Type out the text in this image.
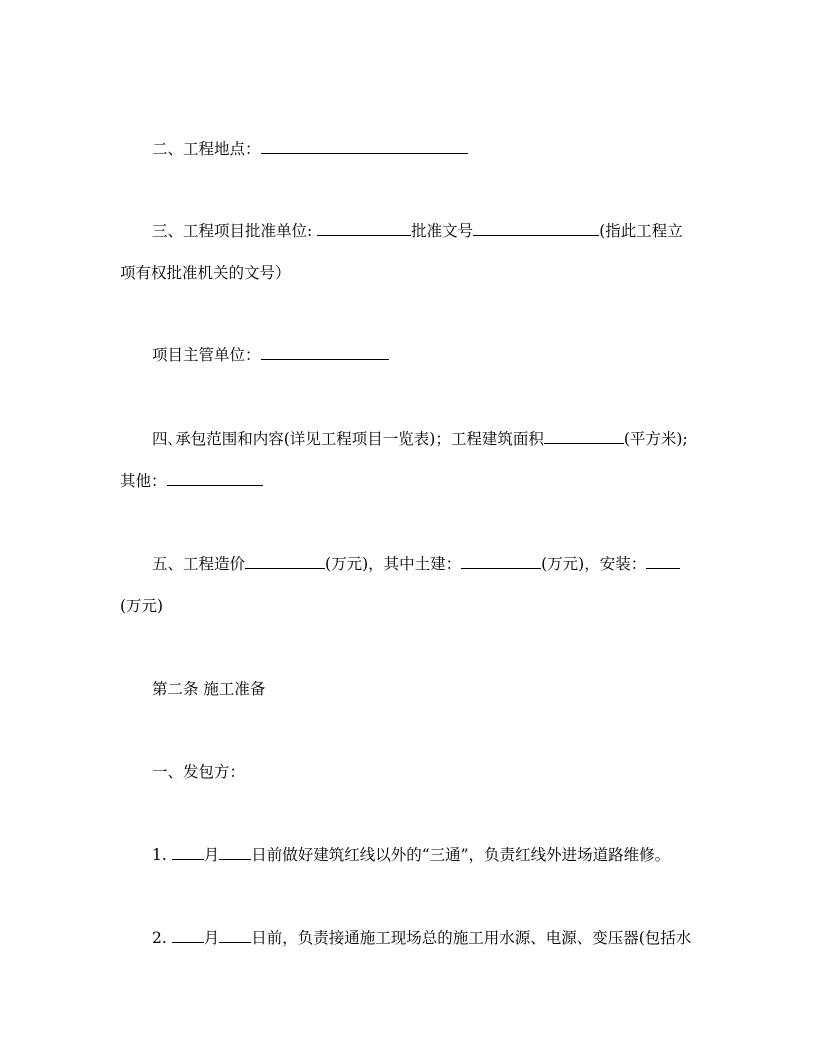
二、工程地点：
三、工程项目批准单位:	批准文号	(指此工程立
项有权批准机关的文号）
项目主管单位：
四､承包范围和内容(详见工程项目一览表)；工程建筑面积	(平方米);
其他：
五、工程造价	(万元)，其中土建：	(万元)，安装：
(万元)
第二条 施工准备
一、发包方：
1. 月 日前做好建筑红线以外的“三通”，负责红线外进场道路维修。
2. 月 日前，负责接通施工现场总的施工用水源、电源、变压器(包括水
